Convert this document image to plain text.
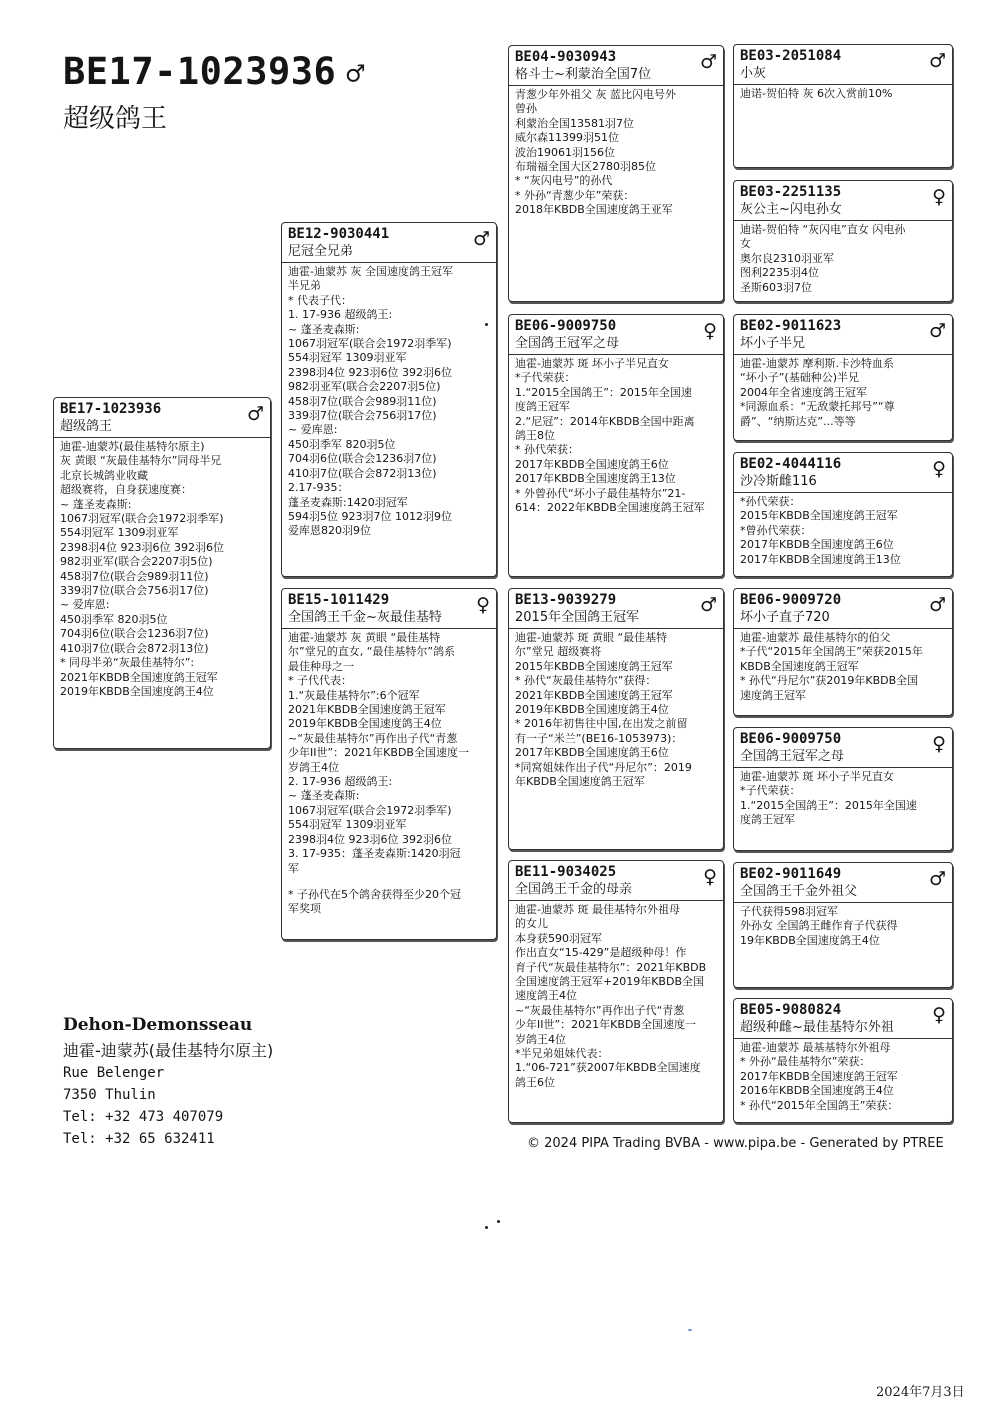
BE17-1023936 ♂
超级鸽王
BE17-1023936
超级鸽王
♂
迪霍-迪蒙苏(最佳基特尔原主)
灰 黄眼 “灰最佳基特尔”同母半兄
北京长城鸽业收藏
超级赛将，自身获速度赛：
~ 蓬圣麦森斯:
1067羽冠军(联合会1972羽季军)
554羽冠军 1309羽亚军
2398羽4位 923羽6位 392羽6位
982羽亚军(联合会2207羽5位)
458羽7位(联合会989羽11位)
339羽7位(联合会756羽17位)
~ 爱库恩:
450羽季军 820羽5位
704羽6位(联合会1236羽7位)
410羽7位(联合会872羽13位)
* 同母半弟“灰最佳基特尔”:
2021年KBDB全国速度鸽王冠军
2019年KBDB全国速度鸽王4位
BE12-9030441
尼冠全兄弟
♂
迪霍-迪蒙苏 灰 全国速度鸽王冠军
半兄弟
* 代表子代：
1. 17-936 超级鸽王:
~ 蓬圣麦森斯:
1067羽冠军(联合会1972羽季军)
554羽冠军 1309羽亚军
2398羽4位 923羽6位 392羽6位
982羽亚军(联合会2207羽5位)
458羽7位(联合会989羽11位)
339羽7位(联合会756羽17位)
~ 爱库恩:
450羽季军 820羽5位
704羽6位(联合会1236羽7位)
410羽7位(联合会872羽13位)
2.17-935：
蓬圣麦森斯:1420羽冠军
594羽5位 923羽7位 1012羽9位
爱库恩820羽9位
BE15-1011429
全国鸽王千金~灰最佳基特
♀
迪霍-迪蒙苏 灰 黄眼 “最佳基特
尔”堂兄的直女, “最佳基特尔”鸽系
最佳种母之一
* 子代代表：
1.“灰最佳基特尔”:6个冠军
2021年KBDB全国速度鸽王冠军
2019年KBDB全国速度鸽王4位
~“灰最佳基特尔”再作出子代“青葱
少年II世”：2021年KBDB全国速度一
岁鸽王4位
2. 17-936 超级鸽王:
~ 蓬圣麦森斯:
1067羽冠军(联合会1972羽季军)
554羽冠军 1309羽亚军
2398羽4位 923羽6位 392羽6位
3. 17-935：蓬圣麦森斯:1420羽冠
军
* 子孙代在5个鸽舍获得至少20个冠
军奖项
BE04-9030943
格斗士~利蒙治全国7位
♂
青葱少年外祖父 灰 蓝比闪电号外
曾孙
利蒙治全国13581羽7位
威尔森11399羽51位
波治19061羽156位
布瑞福全国大区2780羽85位
* “灰闪电号”的孙代
* 外孙“青葱少年”荣获：
2018年KBDB全国速度鸽王亚军
BE06-9009750
全国鸽王冠军之母
♀
迪霍-迪蒙苏 斑 坏小子半兄直女
*子代荣获：
1.“2015全国鸽王”：2015年全国速
度鸽王冠军
2.“尼冠”：2014年KBDB全国中距离
鸽王8位
* 孙代荣获：
2017年KBDB全国速度鸽王6位
2017年KBDB全国速度鸽王13位
* 外曾孙代“坏小子最佳基特尔”21-
614：2022年KBDB全国速度鸽王冠军
BE13-9039279
2015年全国鸽王冠军
♂
迪霍-迪蒙苏 斑 黄眼 “最佳基特
尔”堂兄 超级赛将
2015年KBDB全国速度鸽王冠军
* 孙代“灰最佳基特尔”获得：
2021年KBDB全国速度鸽王冠军
2019年KBDB全国速度鸽王4位
* 2016年初售往中国,在出发之前留
有一子“米兰”(BE16-1053973)：
2017年KBDB全国速度鸽王6位
*同窝姐妹作出子代“丹尼尔”：2019
年KBDB全国速度鸽王冠军
BE11-9034025
全国鸽王千金的母亲
♀
迪霍-迪蒙苏 斑 最佳基特尔外祖母
的女儿
本身获590羽冠军
作出直女“15-429”是超级种母！作
育子代“灰最佳基特尔”：2021年KBDB
全国速度鸽王冠军+2019年KBDB全国
速度鸽王4位
~“灰最佳基特尔”再作出子代“青葱
少年II世”：2021年KBDB全国速度一
岁鸽王4位
*半兄弟姐妹代表：
1.“06-721”获2007年KBDB全国速度
鸽王6位
BE03-2051084
小灰
♂
迪诺-贺伯特 灰 6次入赏前10%
BE03-2251135
灰公主~闪电孙女
♀
迪诺-贺伯特 “灰闪电”直女 闪电孙
女
奥尔良2310羽亚军
图利2235羽4位
圣斯603羽7位
BE02-9011623
坏小子半兄
♂
迪霍-迪蒙苏 摩利斯.卡沙特血系
“坏小子”(基础种公)半兄
2004年全省速度鸽王冠军
*同源血系：“无敌蒙托邦号”“尊
爵”、“纳斯达克”...等等
BE02-4044116
沙冷斯雌116
♀
*孙代荣获：
2015年KBDB全国速度鸽王冠军
*曾孙代荣获：
2017年KBDB全国速度鸽王6位
2017年KBDB全国速度鸽王13位
BE06-9009720
坏小子直子720
♂
迪霍-迪蒙苏 最佳基特尔的伯父
*子代“2015年全国鸽王”荣获2015年
KBDB全国速度鸽王冠军
* 孙代“丹尼尔”获2019年KBDB全国
速度鸽王冠军
BE06-9009750
全国鸽王冠军之母
♀
迪霍-迪蒙苏 斑 坏小子半兄直女
*子代荣获：
1.“2015全国鸽王”：2015年全国速
度鸽王冠军
BE02-9011649
全国鸽王千金外祖父
♂
子代获得598羽冠军
外孙女 全国鸽王雌作育子代获得
19年KBDB全国速度鸽王4位
BE05-9080824
超级种雌~最佳基特尔外祖
♀
迪霍-迪蒙苏 最基基特尔外祖母
* 外孙“最佳基特尔”荣获：
2017年KBDB全国速度鸽王冠军
2016年KBDB全国速度鸽王4位
* 孙代“2015年全国鸽王”荣获：
Dehon-Demonsseau
迪霍-迪蒙苏(最佳基特尔原主)
Rue Belenger
7350 Thulin
Tel: +32 473 407079
Tel: +32 65 632411	© 2024 PIPA Trading BVBA - www.pipa.be - Generated by PTREE
2024年7月3日
